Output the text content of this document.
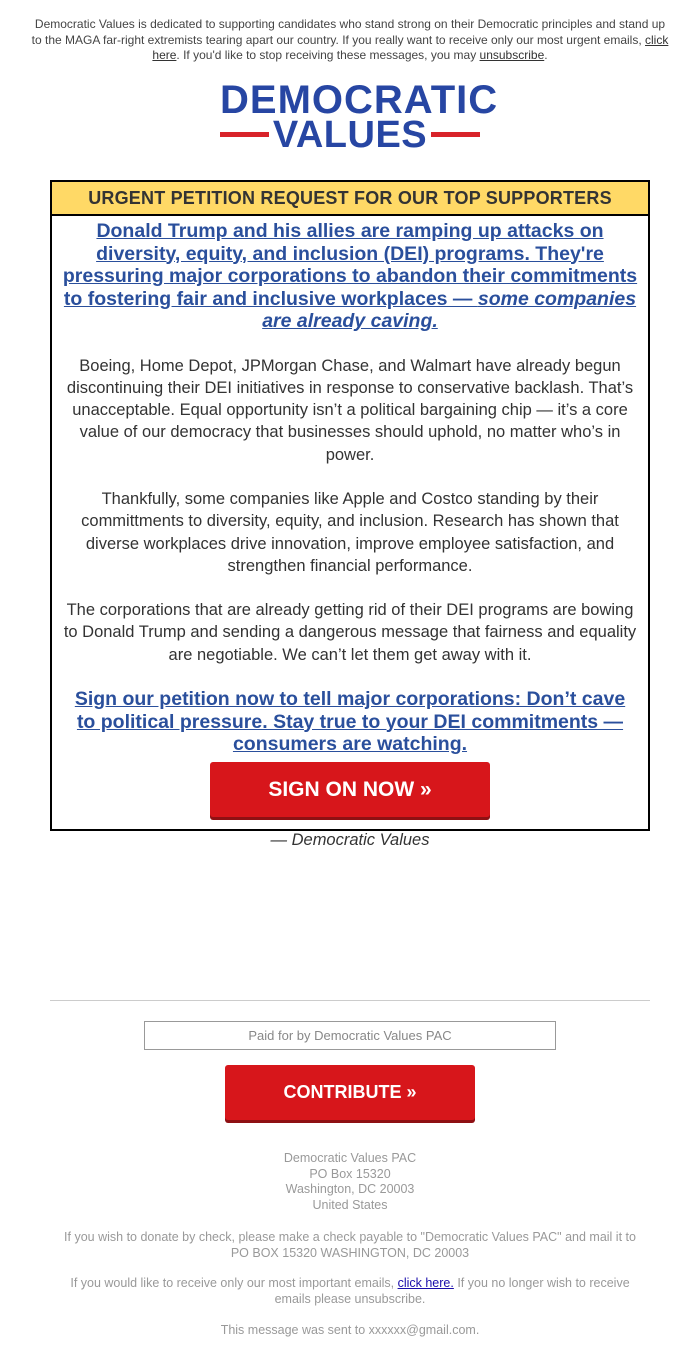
Democratic Values is dedicated to supporting candidates who stand strong on their Democratic principles and stand up to the MAGA far-right extremists tearing apart our country. If you really want to receive only our most urgent emails, click here. If you'd like to stop receiving these messages, you may unsubscribe.
DEMOCRATIC
VALUES
URGENT PETITION REQUEST FOR OUR TOP SUPPORTERS
Donald Trump and his allies are ramping up attacks on diversity, equity, and inclusion (DEI) programs. They're pressuring major corporations to abandon their commitments to fostering fair and inclusive workplaces — some companies are already caving.
Boeing, Home Depot, JPMorgan Chase, and Walmart have already begun discontinuing their DEI initiatives in response to conservative backlash. That’s unacceptable. Equal opportunity isn’t a political bargaining chip — it’s a core value of our democracy that businesses should uphold, no matter who’s in power.
Thankfully, some companies like Apple and Costco standing by their committments to diversity, equity, and inclusion. Research has shown that diverse workplaces drive innovation, improve employee satisfaction, and strengthen financial performance.
The corporations that are already getting rid of their DEI programs are bowing to Donald Trump and sending a dangerous message that fairness and equality are negotiable. We can’t let them get away with it.
Sign our petition now to tell major corporations: Don’t cave to political pressure. Stay true to your DEI commitments — consumers are watching.
SIGN ON NOW »
— Democratic Values
Paid for by Democratic Values PAC
CONTRIBUTE »
Democratic Values PAC
PO Box 15320
Washington, DC 20003
United States
If you wish to donate by check, please make a check payable to "Democratic Values PAC" and mail it to PO BOX 15320 WASHINGTON, DC 20003
If you would like to receive only our most important emails, click here. If you no longer wish to receive emails please unsubscribe.
This message was sent to xxxxxx@gmail.com.
